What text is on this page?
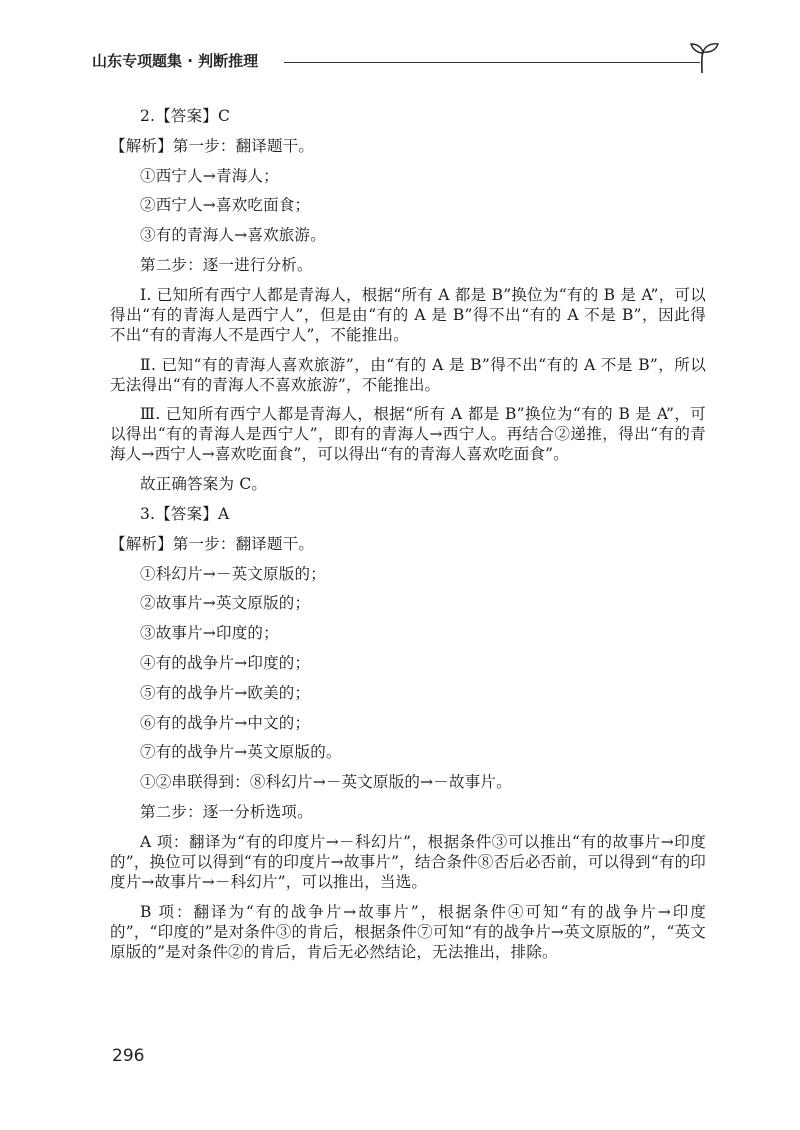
山东专项题集 · 判断推理
2.【答案】C
【解析】第一步：翻译题干。
①西宁人→青海人；
②西宁人→喜欢吃面食；
③有的青海人→喜欢旅游。
第二步：逐一进行分析。
Ⅰ. 已知所有西宁人都是青海人，根据“所有 A 都是 B”换位为“有的 B 是 A”，可以得出“有的青海人是西宁人”，但是由“有的 A 是 B”得不出“有的 A 不是 B”，因此得不出“有的青海人不是西宁人”，不能推出。
Ⅱ. 已知“有的青海人喜欢旅游”，由“有的 A 是 B”得不出“有的 A 不是 B”，所以无法得出“有的青海人不喜欢旅游”，不能推出。
Ⅲ. 已知所有西宁人都是青海人，根据“所有 A 都是 B”换位为“有的 B 是 A”，可以得出“有的青海人是西宁人”，即有的青海人→西宁人。再结合②递推，得出“有的青海人→西宁人→喜欢吃面食”，可以得出“有的青海人喜欢吃面食”。
故正确答案为 C。
3.【答案】A
【解析】第一步：翻译题干。
①科幻片→－英文原版的；
②故事片→英文原版的；
③故事片→印度的；
④有的战争片→印度的；
⑤有的战争片→欧美的；
⑥有的战争片→中文的；
⑦有的战争片→英文原版的。
①②串联得到：⑧科幻片→－英文原版的→－故事片。
第二步：逐一分析选项。
A 项：翻译为“有的印度片→－科幻片”，根据条件③可以推出“有的故事片→印度的”，换位可以得到“有的印度片→故事片”，结合条件⑧否后必否前，可以得到“有的印度片→故事片→－科幻片”，可以推出，当选。
B 项：翻译为“有的战争片→故事片”，根据条件④可知“有的战争片→印度的”，“印度的”是对条件③的肯后，根据条件⑦可知“有的战争片→英文原版的”，“英文原版的”是对条件②的肯后，肯后无必然结论，无法推出，排除。
296
